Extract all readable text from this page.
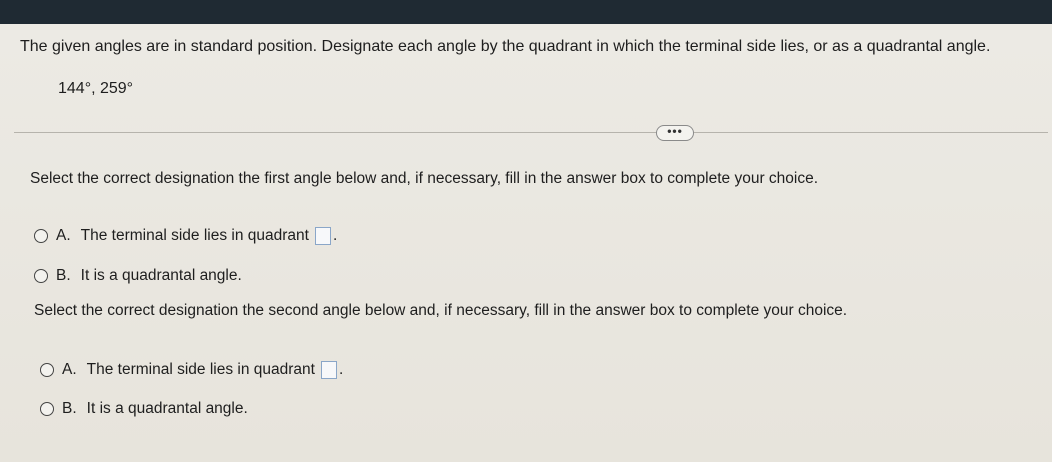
The given angles are in standard position. Designate each angle by the quadrant in which the terminal side lies, or as a quadrantal angle.
144°, 259°
•••
Select the correct designation the first angle below and, if necessary, fill in the answer box to complete your choice.
A. The terminal side lies in quadrant .
B. It is a quadrantal angle.
Select the correct designation the second angle below and, if necessary, fill in the answer box to complete your choice.
A. The terminal side lies in quadrant .
B. It is a quadrantal angle.
